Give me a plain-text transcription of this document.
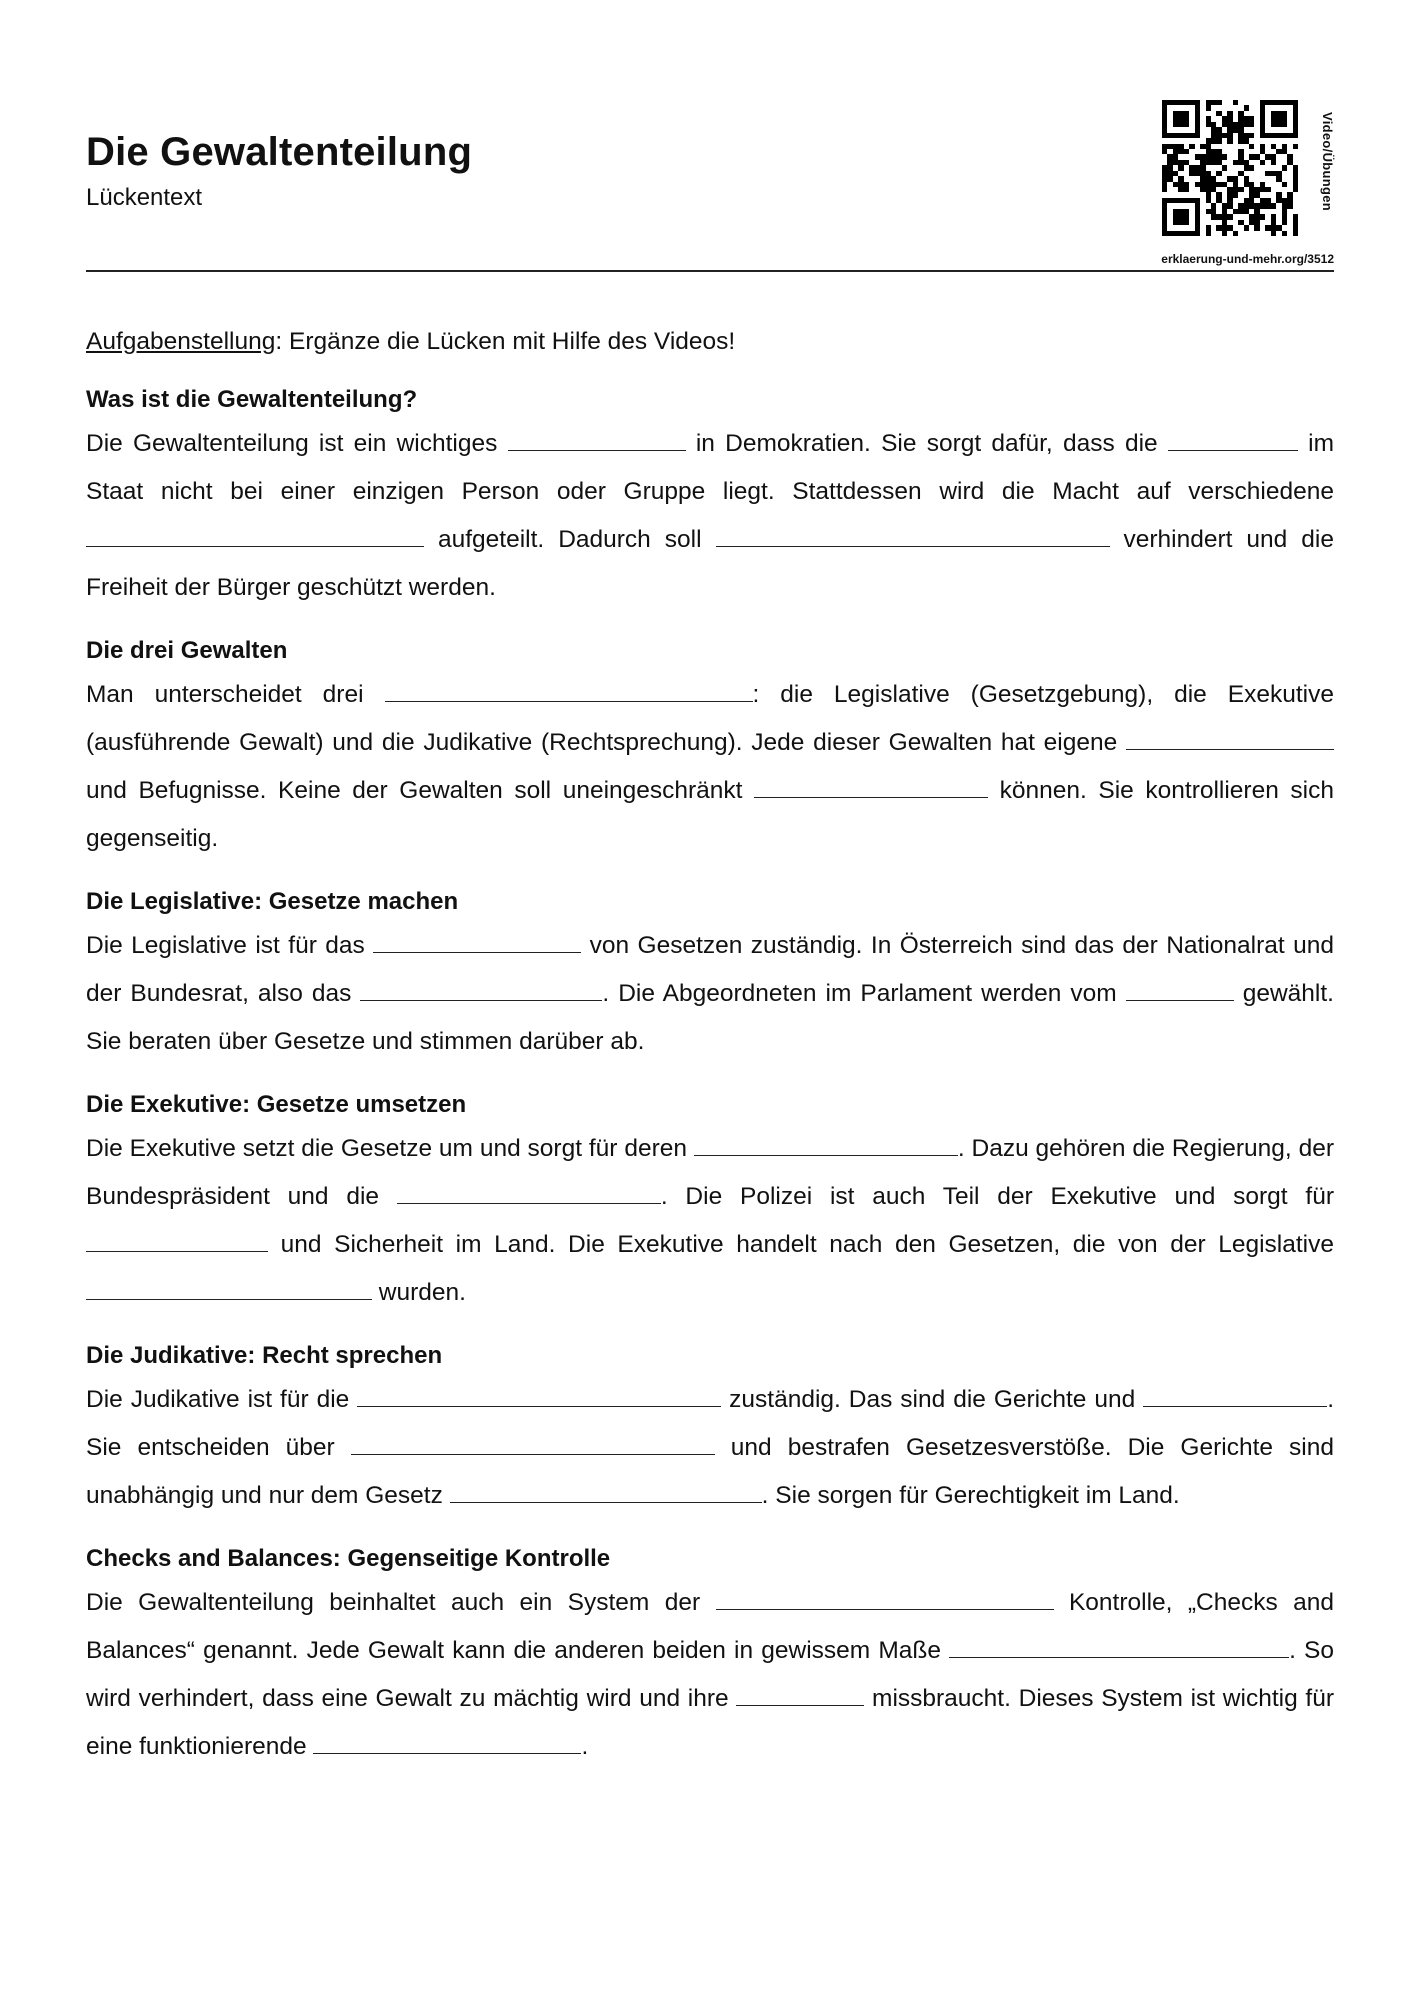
Die Gewaltenteilung
Lückentext	Video/Übungen
erklaerung-und-mehr.org/3512

Aufgabenstellung: Ergänze die Lücken mit Hilfe des Videos!

Was ist die Gewaltenteilung?

Die Gewaltenteilung ist ein wichtiges	in Demokratien. Sie sorgt dafür, dass die	im Staat nicht bei einer einzigen Person oder Gruppe liegt. Stattdessen wird die Macht auf verschiedene  aufgeteilt. Dadurch soll	verhindert und die Freiheit der Bürger geschützt werden.

Die drei Gewalten

Man unterscheidet drei	: die Legislative (Gesetzgebung), die Exekutive (ausführende Gewalt) und die Judikative (Rechtsprechung). Jede dieser Gewalten hat eigene  und Befugnisse. Keine der Gewalten soll uneingeschränkt	können. Sie kontrollieren sich gegenseitig.

Die Legislative: Gesetze machen

Die Legislative ist für das	von Gesetzen zuständig. In Österreich sind das der Nationalrat und der Bundesrat, also das	. Die Abgeordneten im Parlament werden vom	gewählt. Sie beraten über Gesetze und stimmen darüber ab.

Die Exekutive: Gesetze umsetzen

Die Exekutive setzt die Gesetze um und sorgt für deren	. Dazu gehören die Regierung, der Bundespräsident und die	. Die Polizei ist auch Teil der Exekutive und sorgt für  und Sicherheit im Land. Die Exekutive handelt nach den Gesetzen, die von der Legislative  wurden.

Die Judikative: Recht sprechen

Die Judikative ist für die	zuständig. Das sind die Gerichte und	. Sie entscheiden über	und bestrafen Gesetzesverstöße. Die Gerichte sind unabhängig und nur dem Gesetz	. Sie sorgen für Gerechtigkeit im Land.

Checks and Balances: Gegenseitige Kontrolle

Die Gewaltenteilung beinhaltet auch ein System der	Kontrolle, „Checks and Balances“ genannt. Jede Gewalt kann die anderen beiden in gewissem Maße	. So wird verhindert, dass eine Gewalt zu mächtig wird und ihre	missbraucht. Dieses System ist wichtig für eine funktionierende	.
